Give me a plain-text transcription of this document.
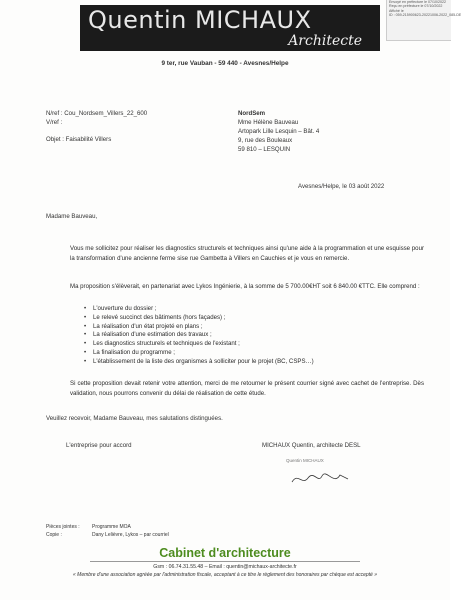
Quentin MICHAUX
Architecte
Envoyé en préfecture le 07/10/2022
Reçu en préfecture le 07/10/2022
Affiché le
ID : 059-215900623-20221006-2022_085-DE
9 ter, rue Vauban - 59 440 - Avesnes/Helpe
N/ref : Cou_Nordsem_Villers_22_600
V/ref :
Objet : Faisabilité Villers
NordSem
Mme Hélène Bauveau
Artopark Lille Lesquin – Bât. 4
9, rue des Bouleaux
59 810 – LESQUIN
Avesnes/Helpe, le 03 août 2022
Madame Bauveau,
Vous me sollicitez pour réaliser les diagnostics structurels et techniques ainsi qu'une aide à la programmation et une esquisse pour la transformation d'une ancienne ferme sise rue Gambetta à Villers en Cauchies et je vous en remercie.
Ma proposition s'élèverait, en partenariat avec Lykos Ingénierie, à la somme de 5 700.00€HT soit 6 840.00 €TTC. Elle comprend :
• L'ouverture du dossier ;
• Le relevé succinct des bâtiments (hors façades) ;
• La réalisation d'un état projeté en plans ;
• La réalisation d'une estimation des travaux ;
• Les diagnostics structurels et techniques de l'existant ;
• La finalisation du programme ;
• L'établissement de la liste des organismes à solliciter pour le projet (BC, CSPS…)
Si cette proposition devait retenir votre attention, merci de me retourner le présent courrier signé avec cachet de l'entreprise. Dès validation, nous pourrons convenir du délai de réalisation de cette étude.
Veuillez recevoir, Madame Bauveau, mes salutations distinguées.
L'entreprise pour accord	MICHAUX Quentin, architecte DESL
Quentin MICHAUX
Pièces jointes : Programme MOA
Copie :	Dany Lelièvre, Lykos – par courriel
Cabinet d'architecture
Gsm : 06.74.31.55.48 – Email : quentin@michaux-architecte.fr
« Membre d'une association agréée par l'administration fiscale, acceptant à ce titre le règlement des honoraires par chèque est accepté »
